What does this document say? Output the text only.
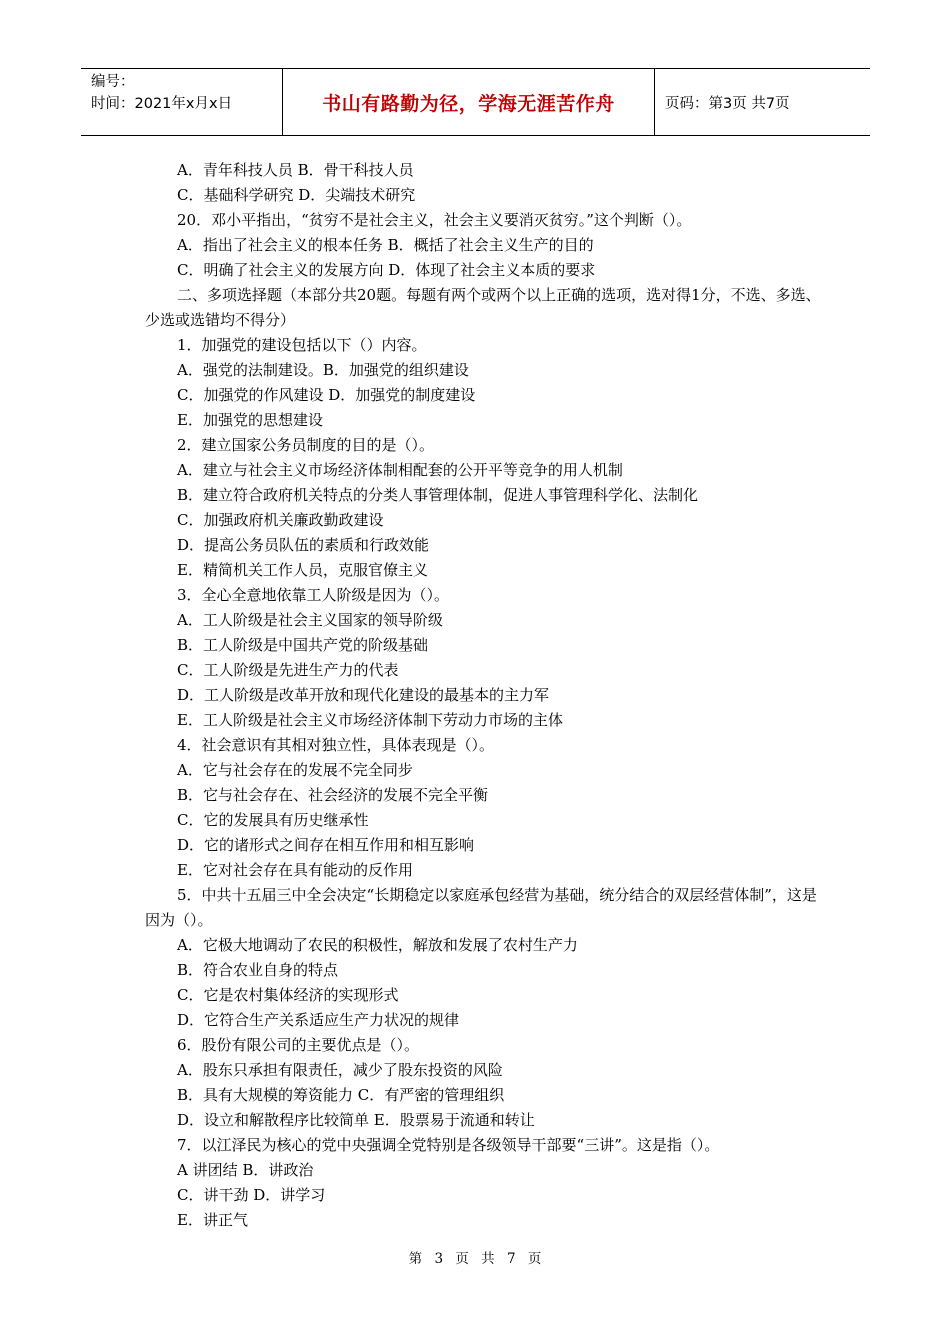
编号：
时间：2021年x月x日	书山有路勤为径，学海无涯苦作舟	页码：第3页 共7页

A．青年科技人员 B．骨干科技人员

C．基础科学研究 D．尖端技术研究

20．邓小平指出，“贫穷不是社会主义，社会主义要消灭贫穷。”这个判断（）。

A．指出了社会主义的根本任务 B．概括了社会主义生产的目的

C．明确了社会主义的发展方向 D．体现了社会主义本质的要求

二、多项选择题（本部分共20题。每题有两个或两个以上正确的选项，选对得1分，不选、多选、少选或选错均不得分）

1．加强党的建设包括以下（）内容。

A．强党的法制建设。B．加强党的组织建设

C．加强党的作风建设 D．加强党的制度建设

E．加强党的思想建设

2．建立国家公务员制度的目的是（）。

A．建立与社会主义市场经济体制相配套的公开平等竞争的用人机制

B．建立符合政府机关特点的分类人事管理体制，促进人事管理科学化、法制化

C．加强政府机关廉政勤政建设

D．提高公务员队伍的素质和行政效能

E．精简机关工作人员，克服官僚主义

3．全心全意地依靠工人阶级是因为（）。

A．工人阶级是社会主义国家的领导阶级

B．工人阶级是中国共产党的阶级基础

C．工人阶级是先进生产力的代表

D．工人阶级是改革开放和现代化建设的最基本的主力军

E．工人阶级是社会主义市场经济体制下劳动力市场的主体

4．社会意识有其相对独立性，具体表现是（）。

A．它与社会存在的发展不完全同步

B．它与社会存在、社会经济的发展不完全平衡

C．它的发展具有历史继承性

D．它的诸形式之间存在相互作用和相互影响

E．它对社会存在具有能动的反作用

5．中共十五届三中全会决定“长期稳定以家庭承包经营为基础，统分结合的双层经营体制”，这是因为（）。

A．它极大地调动了农民的积极性，解放和发展了农村生产力

B．符合农业自身的特点

C．它是农村集体经济的实现形式

D．它符合生产关系适应生产力状况的规律

6．股份有限公司的主要优点是（）。

A．股东只承担有限责任，减少了股东投资的风险

B．具有大规模的筹资能力 C．有严密的管理组织

D．设立和解散程序比较简单 E．股票易于流通和转让

7．以江泽民为核心的党中央强调全党特别是各级领导干部要“三讲”。这是指（）。

A 讲团结 B．讲政治

C．讲干劲 D．讲学习

E．讲正气

第 3 页 共 7 页
